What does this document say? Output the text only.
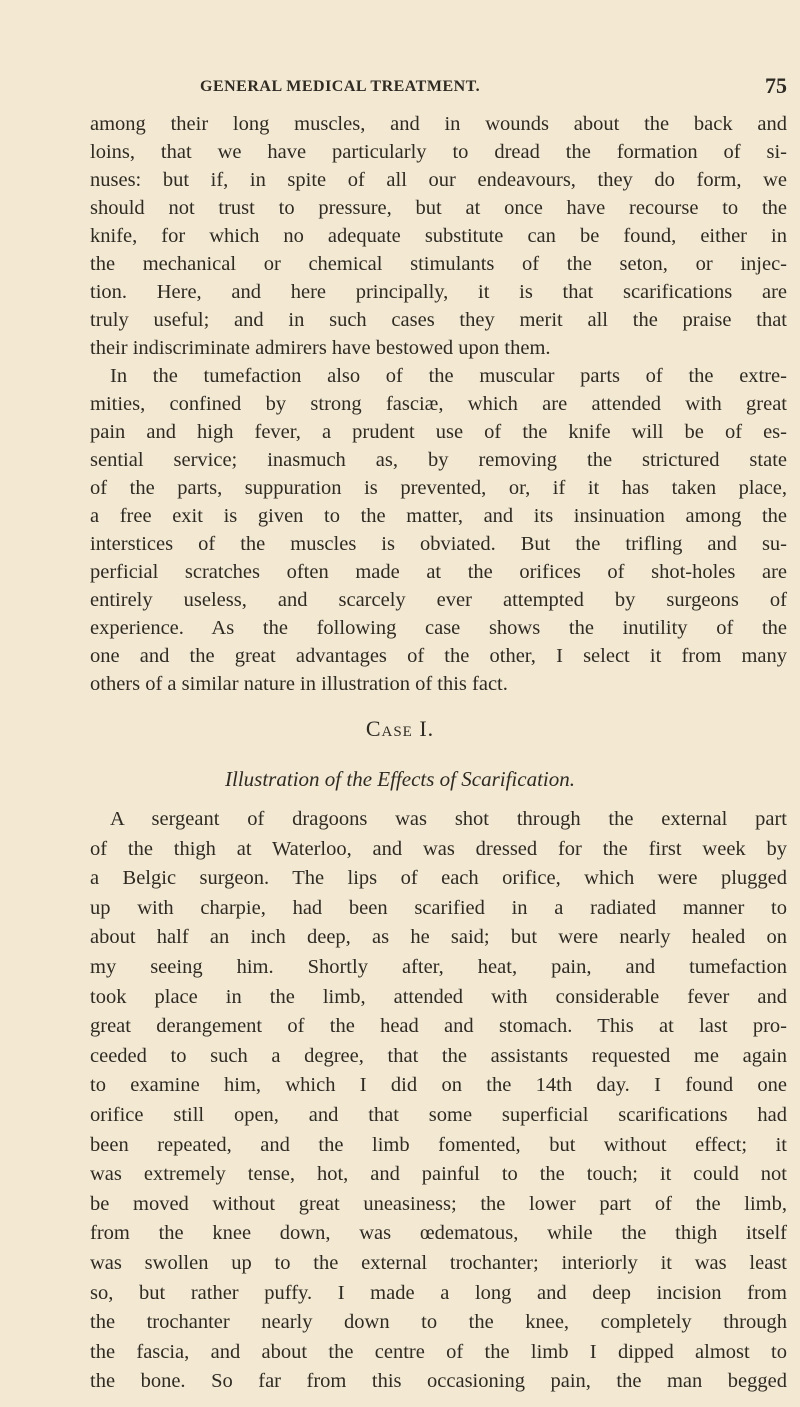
GENERAL MEDICAL TREATMENT.	75
among their long muscles, and in wounds about the back and
loins, that we have particularly to dread the formation of si-
nuses: but if, in spite of all our endeavours, they do form, we
should not trust to pressure, but at once have recourse to the
knife, for which no adequate substitute can be found, either in
the mechanical or chemical stimulants of the seton, or injec-
tion. Here, and here principally, it is that scarifications are
truly useful; and in such cases they merit all the praise that
their indiscriminate admirers have bestowed upon them.
In the tumefaction also of the muscular parts of the extre-
mities, confined by strong fasciæ, which are attended with great
pain and high fever, a prudent use of the knife will be of es-
sential service; inasmuch as, by removing the strictured state
of the parts, suppuration is prevented, or, if it has taken place,
a free exit is given to the matter, and its insinuation among the
interstices of the muscles is obviated. But the trifling and su-
perficial scratches often made at the orifices of shot-holes are
entirely useless, and scarcely ever attempted by surgeons of
experience. As the following case shows the inutility of the
one and the great advantages of the other, I select it from many
others of a similar nature in illustration of this fact.
Case I.
Illustration of the Effects of Scarification.
A sergeant of dragoons was shot through the external part
of the thigh at Waterloo, and was dressed for the first week by
a Belgic surgeon. The lips of each orifice, which were plugged
up with charpie, had been scarified in a radiated manner to
about half an inch deep, as he said; but were nearly healed on
my seeing him. Shortly after, heat, pain, and tumefaction
took place in the limb, attended with considerable fever and
great derangement of the head and stomach. This at last pro-
ceeded to such a degree, that the assistants requested me again
to examine him, which I did on the 14th day. I found one
orifice still open, and that some superficial scarifications had
been repeated, and the limb fomented, but without effect; it
was extremely tense, hot, and painful to the touch; it could not
be moved without great uneasiness; the lower part of the limb,
from the knee down, was œdematous, while the thigh itself
was swollen up to the external trochanter; interiorly it was least
so, but rather puffy. I made a long and deep incision from
the trochanter nearly down to the knee, completely through
the fascia, and about the centre of the limb I dipped almost to
the bone. So far from this occasioning pain, the man begged
